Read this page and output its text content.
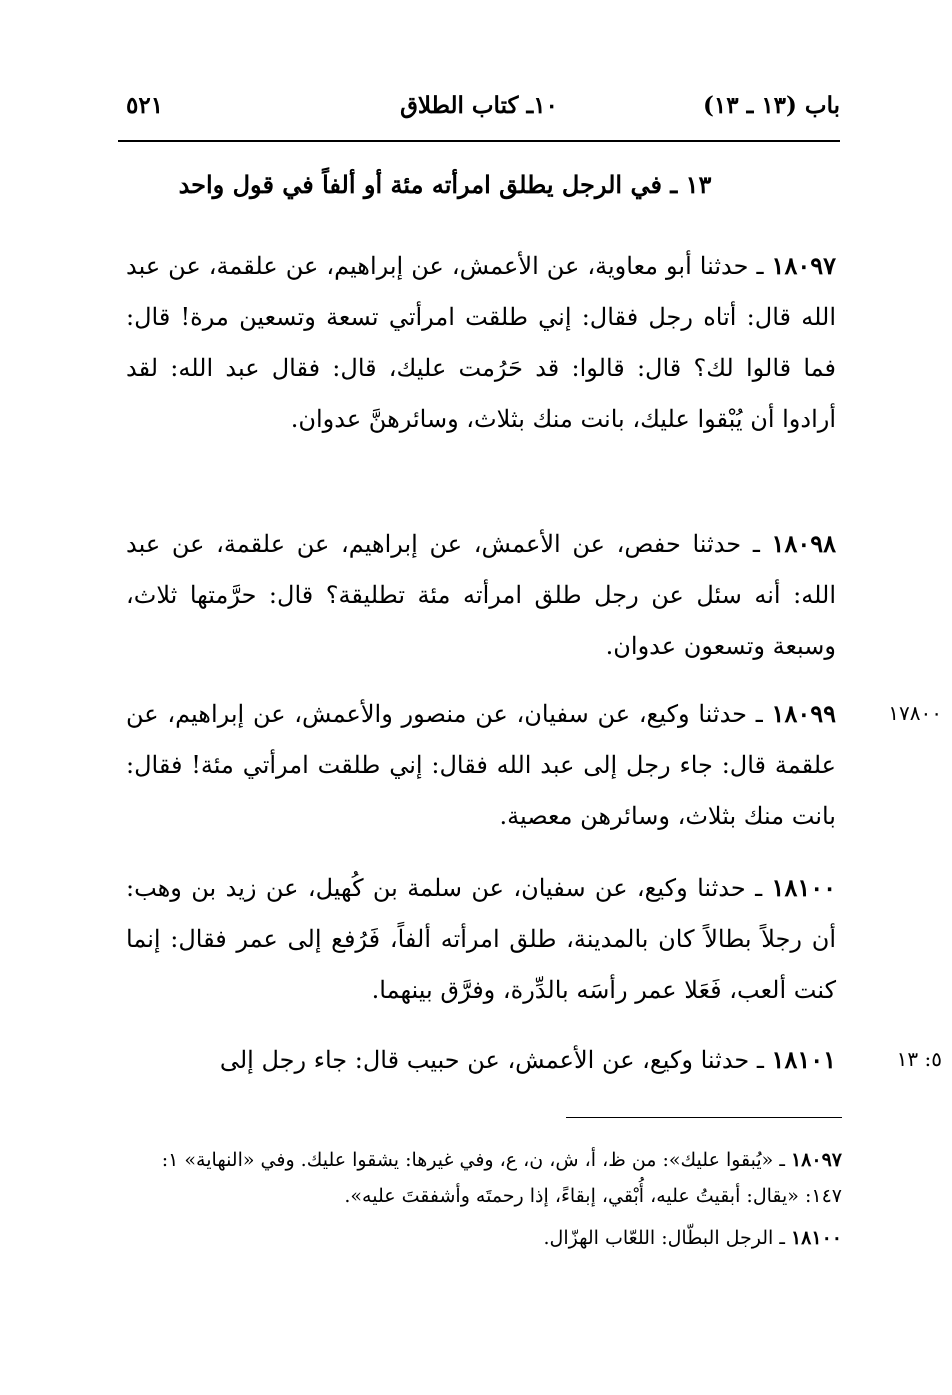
باب (١٣ ـ ١٣)
١٠ـ كتاب الطلاق
٥٢١
١٣ ـ في الرجل يطلق امرأته مئة أو ألفاً في قول واحد
١٨٠٩٧ ـ حدثنا أبو معاوية، عن الأعمش، عن إبراهيم، عن علقمة، عن عبد الله قال: أتاه رجل فقال: إني طلقت امرأتي تسعة وتسعين مرة! قال: فما قالوا لك؟ قال: قالوا: قد حَرُمت عليك، قال: فقال عبد الله: لقد أرادوا أن يُبْقوا عليك، بانت منك بثلاث، وسائرهنَّ عدوان.
١٨٠٩٨ ـ حدثنا حفص، عن الأعمش، عن إبراهيم، عن علقمة، عن عبد الله: أنه سئل عن رجل طلق امرأته مئة تطليقة؟ قال: حرَّمتها ثلاث، وسبعة وتسعون عدوان.
١٧٨٠٠
١٨٠٩٩ ـ حدثنا وكيع، عن سفيان، عن منصور والأعمش، عن إبراهيم، عن علقمة قال: جاء رجل إلى عبد الله فقال: إني طلقت امرأتي مئة! فقال: بانت منك بثلاث، وسائرهن معصية.
١٨١٠٠ ـ حدثنا وكيع، عن سفيان، عن سلمة بن كُهيل، عن زيد بن وهب: أن رجلاً بطالاً كان بالمدينة، طلق امرأته ألفاً، فَرُفع إلى عمر فقال: إنما كنت ألعب، فَعَلا عمر رأسَه بالدِّرة، وفرَّق بينهما.
٥: ١٣
١٨١٠١ ـ حدثنا وكيع، عن الأعمش، عن حبيب قال: جاء رجل إلى

١٨٠٩٧ ـ «يُبقوا عليك»: من ظ، أ، ش، ن، ع، وفي غيرها: يشقوا عليك. وفي «النهاية» ١: ١٤٧: «يقال: أبقيتُ عليه، أُبْقي، إبقاءً، إذا رحمتَه وأشفقتَ عليه».

١٨١٠٠ ـ الرجل البطّال: اللعّاب الهزّال.
